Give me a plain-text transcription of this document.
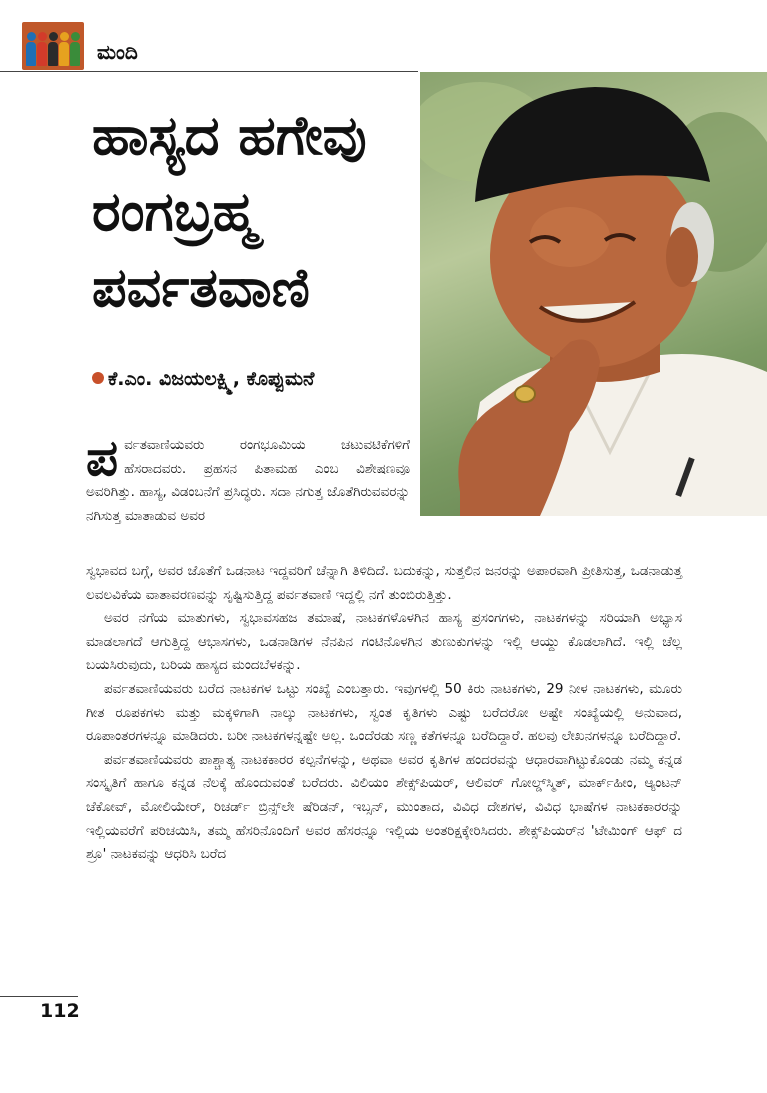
ಮಂದಿ
ಹಾಸ್ಯದ ಹಗೇವು
ರಂಗಬ್ರಹ್ಮ
ಪರ್ವತವಾಣಿ
ಕೆ.ಎಂ. ವಿಜಯಲಕ್ಷ್ಮಿ, ಕೊಪ್ಪುಮನೆ
ಪರ್ವತವಾಣಿಯವರು ರಂಗಭೂಮಿಯ ಚಟುವಟಿಕೆಗಳಿಗೆ ಹೆಸರಾದವರು. ಪ್ರಹಸನ ಪಿತಾಮಹ ಎಂಬ ವಿಶೇಷಣವೂ ಅವರಿಗಿತ್ತು. ಹಾಸ್ಯ, ವಿಡಂಬನೆಗೆ ಪ್ರಸಿದ್ಧರು. ಸದಾ ನಗುತ್ತ ಜೊತೆಗಿರುವವರನ್ನು ನಗಿಸುತ್ತ ಮಾತಾಡುವ ಅವರ

ಸ್ವಭಾವದ ಬಗ್ಗೆ, ಅವರ ಜೊತೆಗೆ ಒಡನಾಟ ಇದ್ದವರಿಗೆ ಚೆನ್ನಾಗಿ ತಿಳಿದಿದೆ. ಬದುಕನ್ನು, ಸುತ್ತಲಿನ ಜನರನ್ನು ಅಪಾರವಾಗಿ ಪ್ರೀತಿಸುತ್ತ, ಒಡನಾಡುತ್ತ ಲವಲವಿಕೆಯ ವಾತಾವರಣವನ್ನು ಸೃಷ್ಟಿಸುತ್ತಿದ್ದ ಪರ್ವತವಾಣಿ ಇದ್ದಲ್ಲಿ ನಗೆ ತುಂಬಿರುತ್ತಿತ್ತು.

ಅವರ ನಗೆಯ ಮಾತುಗಳು, ಸ್ವಭಾವಸಹಜ ತಮಾಷೆ, ನಾಟಕಗಳೊಳಗಿನ ಹಾಸ್ಯ ಪ್ರಸಂಗಗಳು, ನಾಟಕಗಳನ್ನು ಸರಿಯಾಗಿ ಅಭ್ಯಾಸ ಮಾಡಲಾಗದೆ ಆಗುತ್ತಿದ್ದ ಆಭಾಸಗಳು, ಒಡನಾಡಿಗಳ ನೆನಪಿನ ಗಂಟಿನೊಳಗಿನ ತುಣುಕುಗಳನ್ನು ಇಲ್ಲಿ ಆಯ್ದು ಕೊಡಲಾಗಿದೆ. ಇಲ್ಲಿ ಚೆಲ್ಲ ಬಯಸಿರುವುದು, ಬರಿಯ ಹಾಸ್ಯದ ಮಂದಬೆಳಕನ್ನು.

ಪರ್ವತವಾಣಿಯವರು ಬರೆದ ನಾಟಕಗಳ ಒಟ್ಟು ಸಂಖ್ಯೆ ಎಂಬತ್ತಾರು. ಇವುಗಳಲ್ಲಿ 50 ಕಿರು ನಾಟಕಗಳು, 29 ನೀಳ ನಾಟಕಗಳು, ಮೂರು ಗೀತ ರೂಪಕಗಳು ಮತ್ತು ಮಕ್ಕಳಿಗಾಗಿ ನಾಲ್ಕು ನಾಟಕಗಳು, ಸ್ವಂತ ಕೃತಿಗಳು ಎಷ್ಟು ಬರೆದರೋ ಅಷ್ಟೇ ಸಂಖ್ಯೆಯಲ್ಲಿ ಅನುವಾದ, ರೂಪಾಂತರಗಳನ್ನೂ ಮಾಡಿದರು. ಬರೀ ನಾಟಕಗಳನ್ನಷ್ಟೇ ಅಲ್ಲ. ಒಂದೆರಡು ಸಣ್ಣ ಕತೆಗಳನ್ನೂ ಬರೆದಿದ್ದಾರೆ. ಹಲವು ಲೇಖನಗಳನ್ನೂ ಬರೆದಿದ್ದಾರೆ.

ಪರ್ವತವಾಣಿಯವರು ಪಾಶ್ಚಾತ್ಯ ನಾಟಕಕಾರರ ಕಲ್ಪನೆಗಳನ್ನು, ಅಥವಾ ಅವರ ಕೃತಿಗಳ ಹಂದರವನ್ನು ಆಧಾರವಾಗಿಟ್ಟುಕೊಂಡು ನಮ್ಮ ಕನ್ನಡ ಸಂಸ್ಕೃತಿಗೆ ಹಾಗೂ ಕನ್ನಡ ನೆಲಕ್ಕೆ ಹೊಂದುವಂತೆ ಬರೆದರು. ವಿಲಿಯಂ ಶೇಕ್ಸ್‌ಪಿಯರ್, ಆಲಿವರ್ ಗೋಲ್ಡ್‌ಸ್ಮಿತ್, ಮಾರ್ಕ್‌ಹೀಂ, ಆ್ಯಂಟನ್ ಚೆಕೋವ್, ಮೋಲಿಯೇರ್, ರಿಚರ್ಡ್ ಬ್ರಿನ್ಸ್‌ಲೇ ಷೆರಿಡನ್, ಇಬ್ಸನ್, ಮುಂತಾದ, ವಿವಿಧ ದೇಶಗಳ, ವಿವಿಧ ಭಾಷೆಗಳ ನಾಟಕಕಾರರನ್ನು ಇಲ್ಲಿಯವರೆಗೆ ಪರಿಚಯಿಸಿ, ತಮ್ಮ ಹೆಸರಿನೊಂದಿಗೆ ಅವರ ಹೆಸರನ್ನೂ ಇಲ್ಲಿಯ ಅಂತರಿಕ್ಷಕ್ಕೇರಿಸಿದರು. ಶೇಕ್ಸ್‌ಪಿಯರ್‌ನ 'ಟೇಮಿಂಗ್ ಆಫ್ ದ ಶ್ರೂ' ನಾಟಕವನ್ನು ಆಧರಿಸಿ ಬರೆದ

112
